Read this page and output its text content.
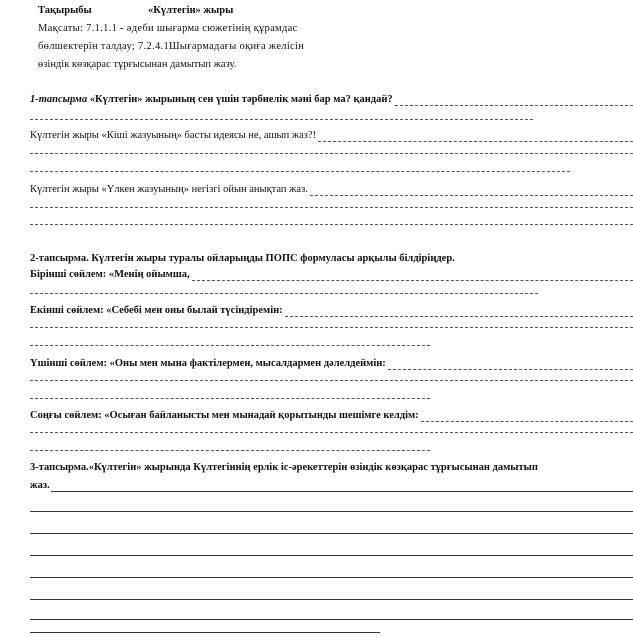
Тақырыбы	«Күлтегін» жыры
Мақсаты: 7.1.1.1 - әдеби шығарма сюжетінің құрамдас
бөлшектерін талдау; 7.2.4.1Шығармадағы оқиға желісін
өзіндік көзқарас тұрғысынан дамытып жазу.
1-тапсырма
«Күлтегін» жырының сен үшін тәрбиелік мәні бар ма? қандай?
Күлтегін жыры «Кіші жазуының» басты идеясы не, ашып жаз?!
Күлтегін жыры «Үлкен жазуының» негізгі ойын анықтап жаз.
2-тапсырма. Күлтегін жыры туралы ойларыңды ПОПС формуласы арқылы білдіріңдер.
Бірінші сөйлем: «Менің ойымша,
Екінші сөйлем: «Себебі мен оны былай түсіндіремін:
Үшінші сөйлем: «Оны мен мына фактілермен, мысалдармен дәлелдеймін:
Соңғы сөйлем: «Осыған байланысты мен мынадай қорытынды шешімге келдім:
3-тапсырма.«Күлтегін» жырында Күлтегіннің ерлік іс-әрекеттерін өзіндік көзқарас тұрғысынан дамытып
жаз.
